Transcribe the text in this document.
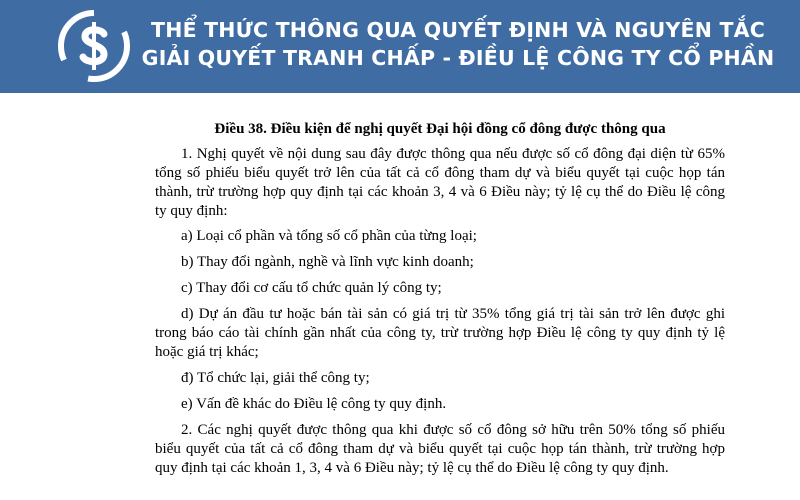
THỂ THỨC THÔNG QUA QUYẾT ĐỊNH VÀ NGUYÊN TẮC
GIẢI QUYẾT TRANH CHẤP - ĐIỀU LỆ CÔNG TY CỔ PHẦN

Điều 38. Điều kiện để nghị quyết Đại hội đồng cổ đông được thông qua

1. Nghị quyết về nội dung sau đây được thông qua nếu được số cổ đông đại diện từ 65% tổng số phiếu biểu quyết trở lên của tất cả cổ đông tham dự và biểu quyết tại cuộc họp tán thành, trừ trường hợp quy định tại các khoản 3, 4 và 6 Điều này; tỷ lệ cụ thể do Điều lệ công ty quy định:

a) Loại cổ phần và tổng số cổ phần của từng loại;

b) Thay đổi ngành, nghề và lĩnh vực kinh doanh;

c) Thay đổi cơ cấu tổ chức quản lý công ty;

d) Dự án đầu tư hoặc bán tài sản có giá trị từ 35% tổng giá trị tài sản trở lên được ghi trong báo cáo tài chính gần nhất của công ty, trừ trường hợp Điều lệ công ty quy định tỷ lệ hoặc giá trị khác;

đ) Tổ chức lại, giải thể công ty;

e) Vấn đề khác do Điều lệ công ty quy định.

2. Các nghị quyết được thông qua khi được số cổ đông sở hữu trên 50% tổng số phiếu biểu quyết của tất cả cổ đông tham dự và biểu quyết tại cuộc họp tán thành, trừ trường hợp quy định tại các khoản 1, 3, 4 và 6 Điều này; tỷ lệ cụ thể do Điều lệ công ty quy định.
